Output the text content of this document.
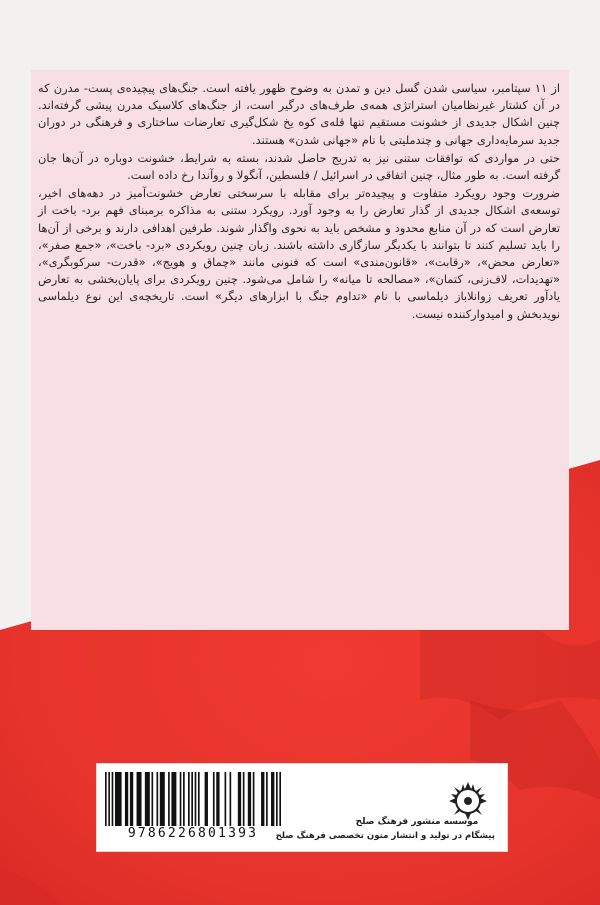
از ۱۱ سپتامبر، سیاسی شدن گسل دین و تمدن به وضوح ظهور یافته است. جنگ‌های پیچیده‌ی پست- مدرن که در آن کشتار غیرنظامیان استراتژی همه‌ی طرف‌های درگیر است، از جنگ‌های کلاسیک مدرن پیشی گرفته‌اند. چنین اشکال جدیدی از خشونت مستقیم تنها قله‌ی کوه یخ شکل‌گیری تعارضات ساختاری و فرهنگی در دوران جدید سرمایه‌داری جهانی و چندملیتی با نام «جهانی شدن» هستند.

حتی در مواردی که توافقات ستنی نیز به تدریج حاصل شدند، بسته به شرایط، خشونت دوباره در آن‌ها جان گرفته است. به طور مثال، چنین اتفاقی در اسرائیل / فلسطین، آنگولا و روآندا رخ داده است.

ضرورت وجود رویکرد متفاوت و پیچیده‌تر برای مقابله با سرسختی تعارض خشونت‌آمیز در دهه‌های اخیر، توسعه‌ی اشکال جدیدی از گذار تعارض را به وجود آورد. رویکرد ستنی به مذاکره برمبنای فهم برد- باخت از تعارض است که در آن منابع محدود و مشخص باید به نحوی واگذار شوند. طرفین اهدافی دارند و برخی از آن‌ها را باید تسلیم کنند تا بتوانند با یکدیگر سازگاری داشته باشند. زبان چنین رویکردی «برد- باخت»، «جمع صفر»، «تعارض محض»، «رقابت»، «قانون‌مندی» است که فنونی مانند «چماق و هویج»، «قدرت- سرکوبگری»، «تهدیدات، لاف‌زنی، کتمان»، «مصالحه تا میانه» را شامل می‌شود. چنین رویکردی برای پایان‌بخشی به تعارض یادآور تعریف زوانلاباز دیلماسی با نام «تداوم جنگ با ابزارهای دیگر» است. تاریخچه‌ی این نوع دیلماسی نویدبخش و امیدوارکننده نیست.

موسسه منشور فرهنگ صلح
پیشگام در تولید و انتشار متون تخصصی فرهنگ صلح
9786226801393
